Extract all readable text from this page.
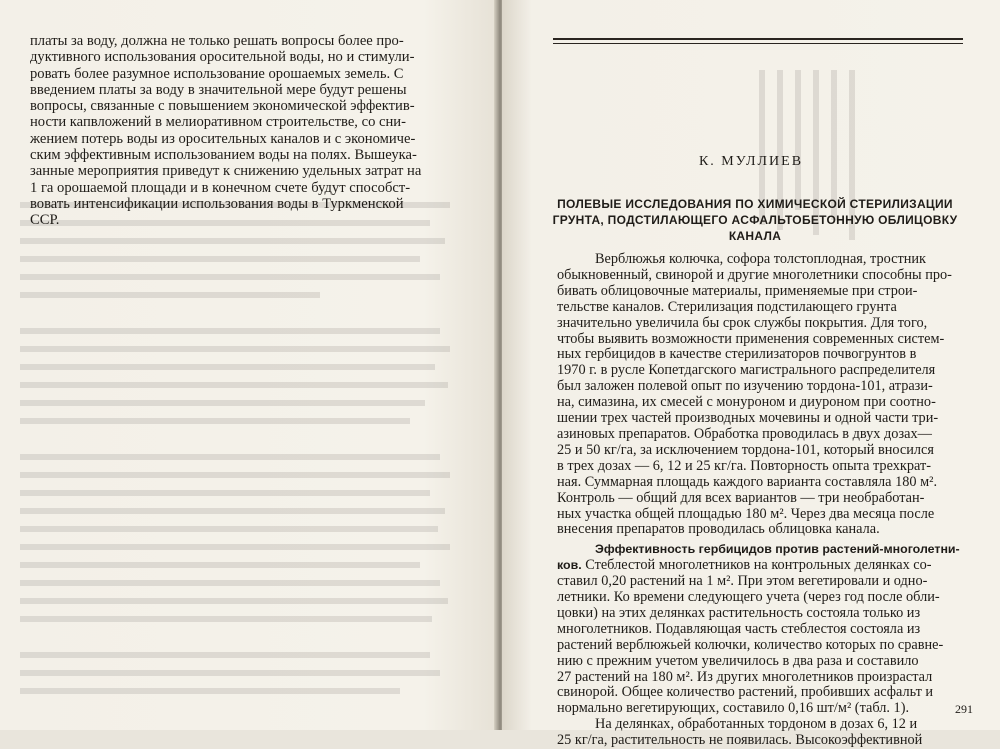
платы за воду, должна не только решать вопросы более про-
дуктивного использования оросительной воды, но и стимули-
ровать более разумное использование орошаемых земель. С
введением платы за воду в значительной мере будут решены
вопросы, связанные с повышением экономической эффектив-
ности капвложений в мелиоративном строительстве, со сни-
жением потерь воды из оросительных каналов и с экономиче-
ским эффективным использованием воды на полях. Вышеука-
занные мероприятия приведут к снижению удельных затрат на
1 га орошаемой площади и в конечном счете будут способст-
вовать интенсификации использования воды в Туркменской
ССР.
К. МУЛЛИЕВ
ПОЛЕВЫЕ ИССЛЕДОВАНИЯ ПО ХИМИЧЕСКОЙ СТЕРИЛИЗАЦИИ
ГРУНТА, ПОДСТИЛАЮЩЕГО АСФАЛЬТОБЕТОННУЮ ОБЛИЦОВКУ
КАНАЛА
Верблюжья колючка, софора толстоплодная, тростник
обыкновенный, свинорой и другие многолетники способны про-
бивать облицовочные материалы, применяемые при строи-
тельстве каналов. Стерилизация подстилающего грунта
значительно увеличила бы срок службы покрытия. Для того,
чтобы выявить возможности применения современных систем-
ных гербицидов в качестве стерилизаторов почвогрунтов в
1970 г. в русле Копетдагского магистрального распределителя
был заложен полевой опыт по изучению тордона-101, атрази-
на, симазина, их смесей с монуроном и диуроном при соотно-
шении трех частей производных мочевины и одной части три-
азиновых препаратов. Обработка проводилась в двух дозах—
25 и 50 кг/га, за исключением тордона-101, который вносился
в трех дозах — 6, 12 и 25 кг/га. Повторность опыта трехкрат-
ная. Суммарная площадь каждого варианта составляла 180 м².
Контроль — общий для всех вариантов — три необработан-
ных участка общей площадью 180 м². Через два месяца после
внесения препаратов проводилась облицовка канала.
Эффективность гербицидов против растений-многолетни-
ков. Стеблестой многолетников на контрольных делянках со-
ставил 0,20 растений на 1 м². При этом вегетировали и одно-
летники. Ко времени следующего учета (через год после обли-
цовки) на этих делянках растительность состояла только из
многолетников. Подавляющая часть стеблестоя состояла из
растений верблюжьей колючки, количество которых по сравне-
нию с прежним учетом увеличилось в два раза и составило
27 растений на 180 м². Из других многолетников произрастал
свинорой. Общее количество растений, пробивших асфальт и
нормально вегетирующих, составило 0,16 шт/м² (табл. 1).
На делянках, обработанных тордоном в дозах 6, 12 и
25 кг/га, растительность не появилась. Высокоэффективной
291
